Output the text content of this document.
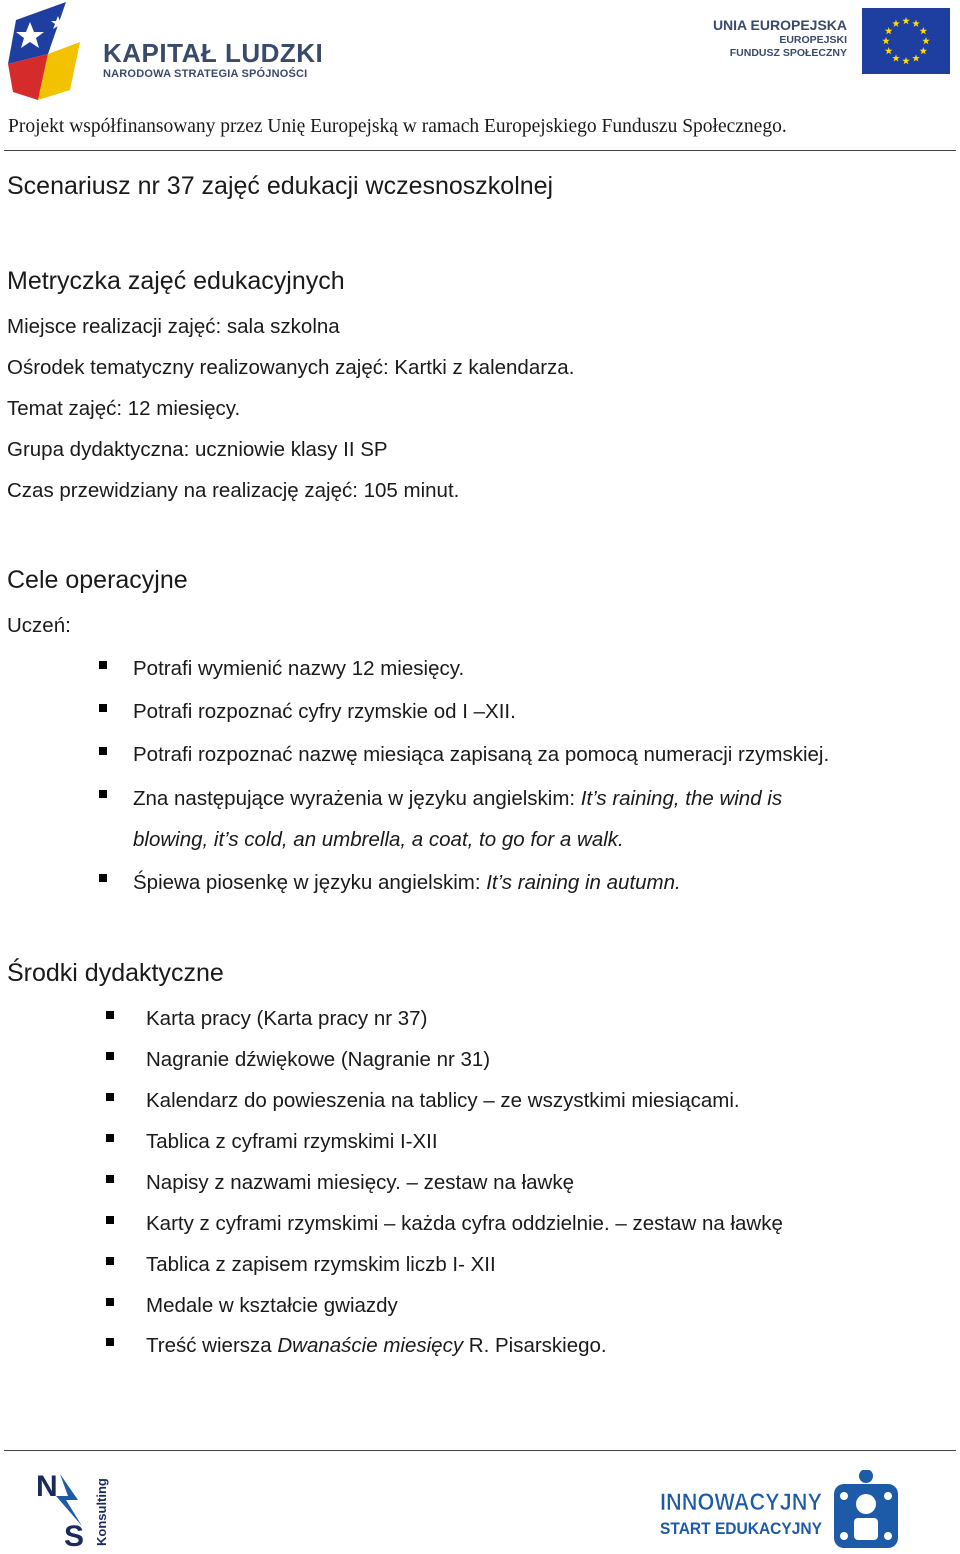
KAPITAŁ LUDZKI
NARODOWA STRATEGIA SPÓJNOŚCI
UNIA EUROPEJSKA
EUROPEJSKI
FUNDUSZ SPOŁECZNY
Projekt współfinansowany przez Unię Europejską w ramach Europejskiego Funduszu Społecznego.
Scenariusz nr 37 zajęć edukacji wczesnoszkolnej
Metryczka zajęć edukacyjnych
Miejsce realizacji zajęć: sala szkolna
Ośrodek tematyczny realizowanych zajęć: Kartki z kalendarza.
Temat zajęć: 12 miesięcy.
Grupa dydaktyczna: uczniowie klasy II SP
Czas przewidziany na realizację zajęć: 105 minut.
Cele operacyjne
Uczeń:
Potrafi wymienić nazwy 12 miesięcy.
Potrafi rozpoznać cyfry rzymskie od I –XII.
Potrafi rozpoznać nazwę miesiąca zapisaną za pomocą numeracji rzymskiej.
Zna następujące wyrażenia w języku angielskim: It’s raining, the wind is
blowing, it’s cold, an umbrella, a coat, to go for a walk.
Śpiewa piosenkę w języku angielskim: It’s raining in autumn.
Środki dydaktyczne
Karta pracy (Karta pracy nr 37)
Nagranie dźwiękowe (Nagranie nr 31)
Kalendarz do powieszenia na tablicy – ze wszystkimi miesiącami.
Tablica z cyframi rzymskimi I-XII
Napisy z nazwami miesięcy. – zestaw na ławkę
Karty z cyframi rzymskimi – każda cyfra oddzielnie. – zestaw na ławkę
Tablica z zapisem rzymskim liczb I- XII
Medale w kształcie gwiazdy
Treść wiersza Dwanaście miesięcy R. Pisarskiego.
N
S Konsulting	INNOWACYJNY
START EDUKACYJNY
